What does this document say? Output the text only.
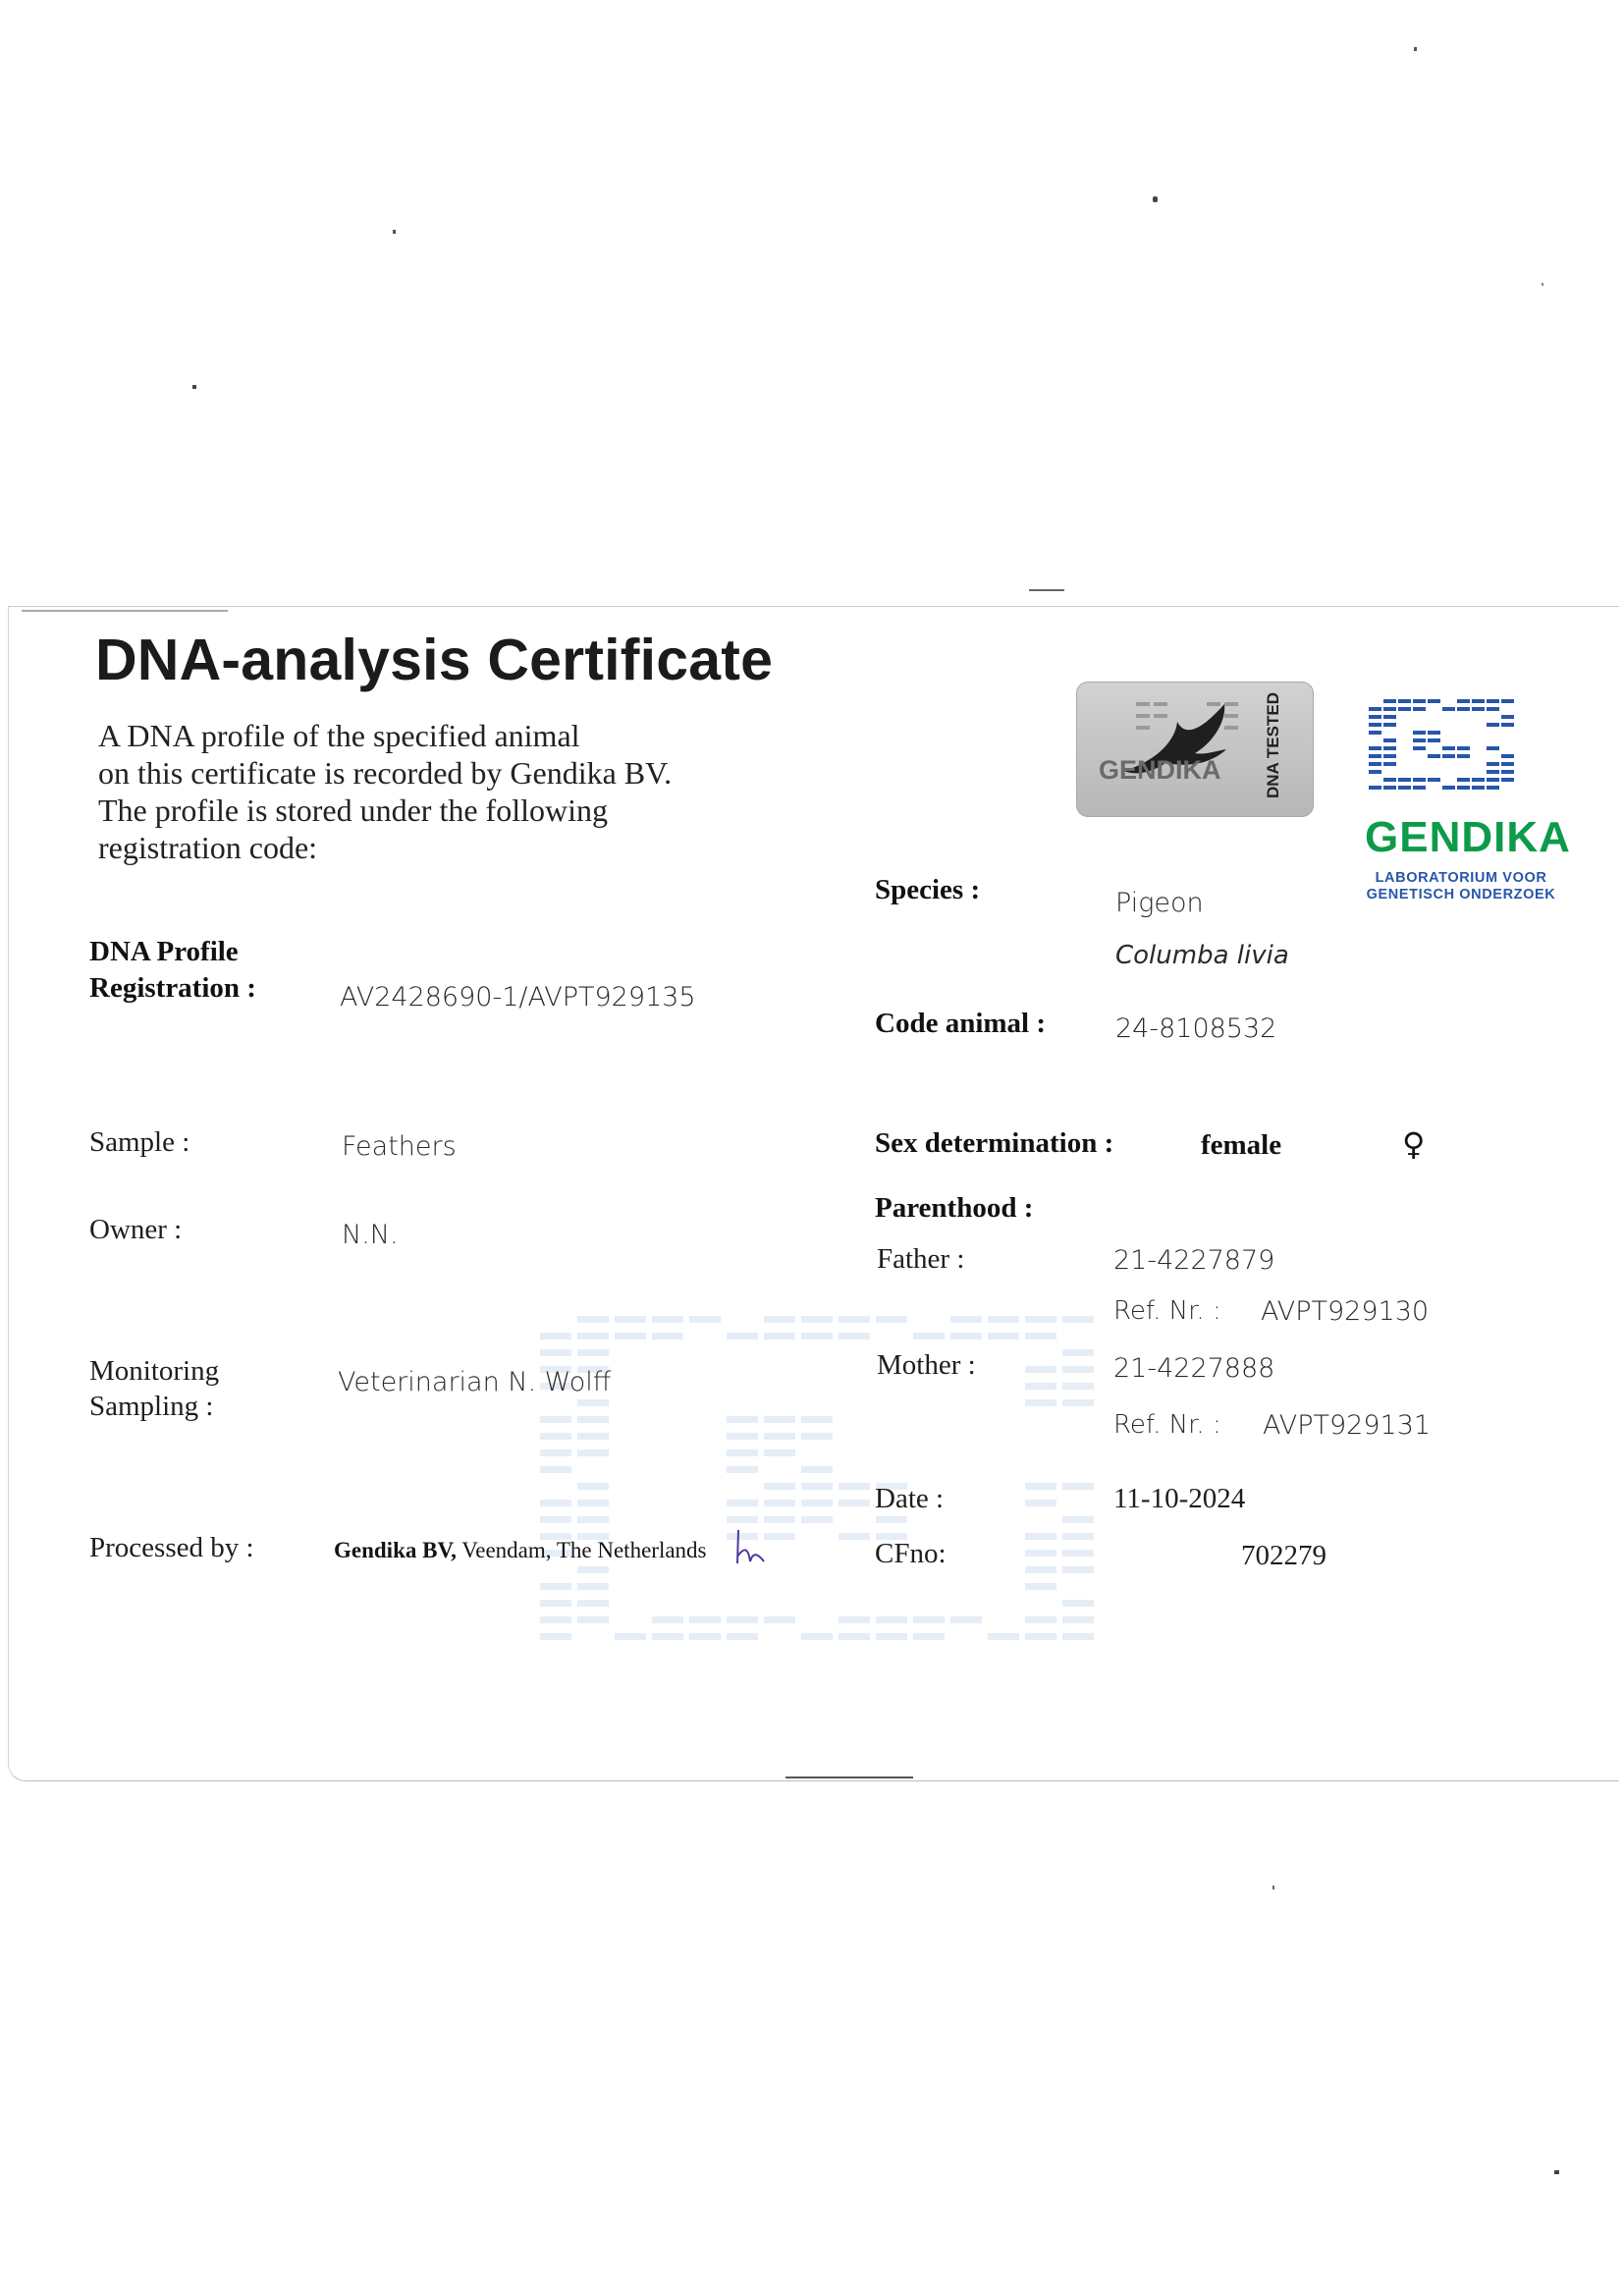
DNA-analysis Certificate
A DNA profile of the specified animal
on this certificate is recorded by Gendika BV.
The profile is stored under the following
registration code:
GENDIKA	DNA TESTED
GENDIKA
LABORATORIUM VOOR
GENETISCH ONDERZOEK
DNA Profile
Registration :	AV2428690-1/AVPT929135
Sample :	Feathers
Owner :	N.N.
Monitoring
Sampling :
Veterinarian N. Wolff
Processed by :	Gendika BV, Veendam, The Netherlands
Species :	Pigeon
Columba livia
Code animal :	24-8108532
Sex determination :	female	♀
Parenthood :
Father :	21-4227879
Ref. Nr. : AVPT929130
Mother :	21-4227888
Ref. Nr. : AVPT929131
Date :	11-10-2024
CFno:	702279
